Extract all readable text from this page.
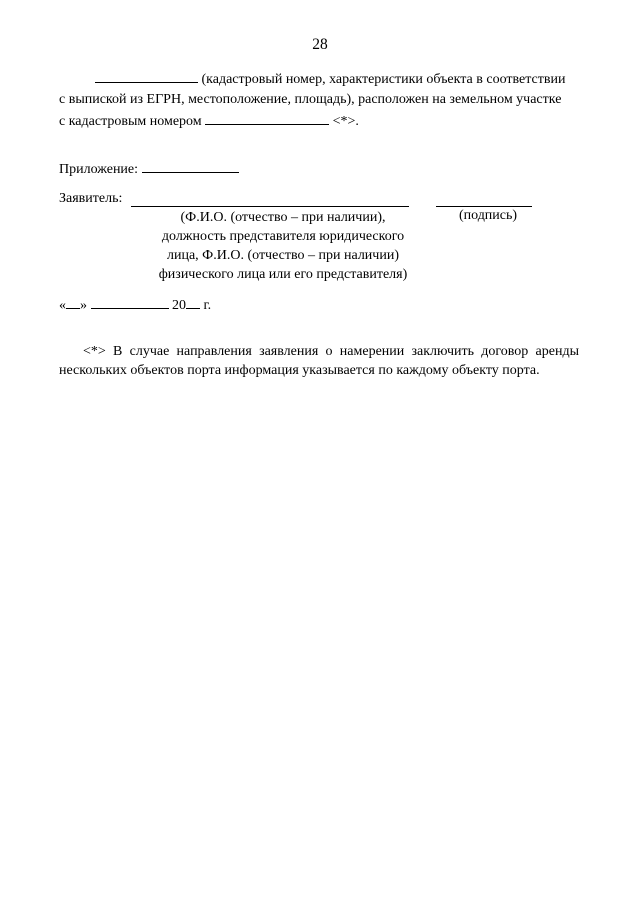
28
(кадастровый номер, характеристики объекта в соответствии
с выпиской из ЕГРН, местоположение, площадь), расположен на земельном участке
с кадастровым номером	<*>.
Приложение:
Заявитель:
(Ф.И.О. (отчество – при наличии),
должность представителя юридического
лица, Ф.И.О. (отчество – при наличии)
физического лица или его представителя)
(подпись)
« »	20 г.
<*> В случае направления заявления о намерении заключить договор аренды
нескольких объектов порта информация указывается по каждому объекту порта.
